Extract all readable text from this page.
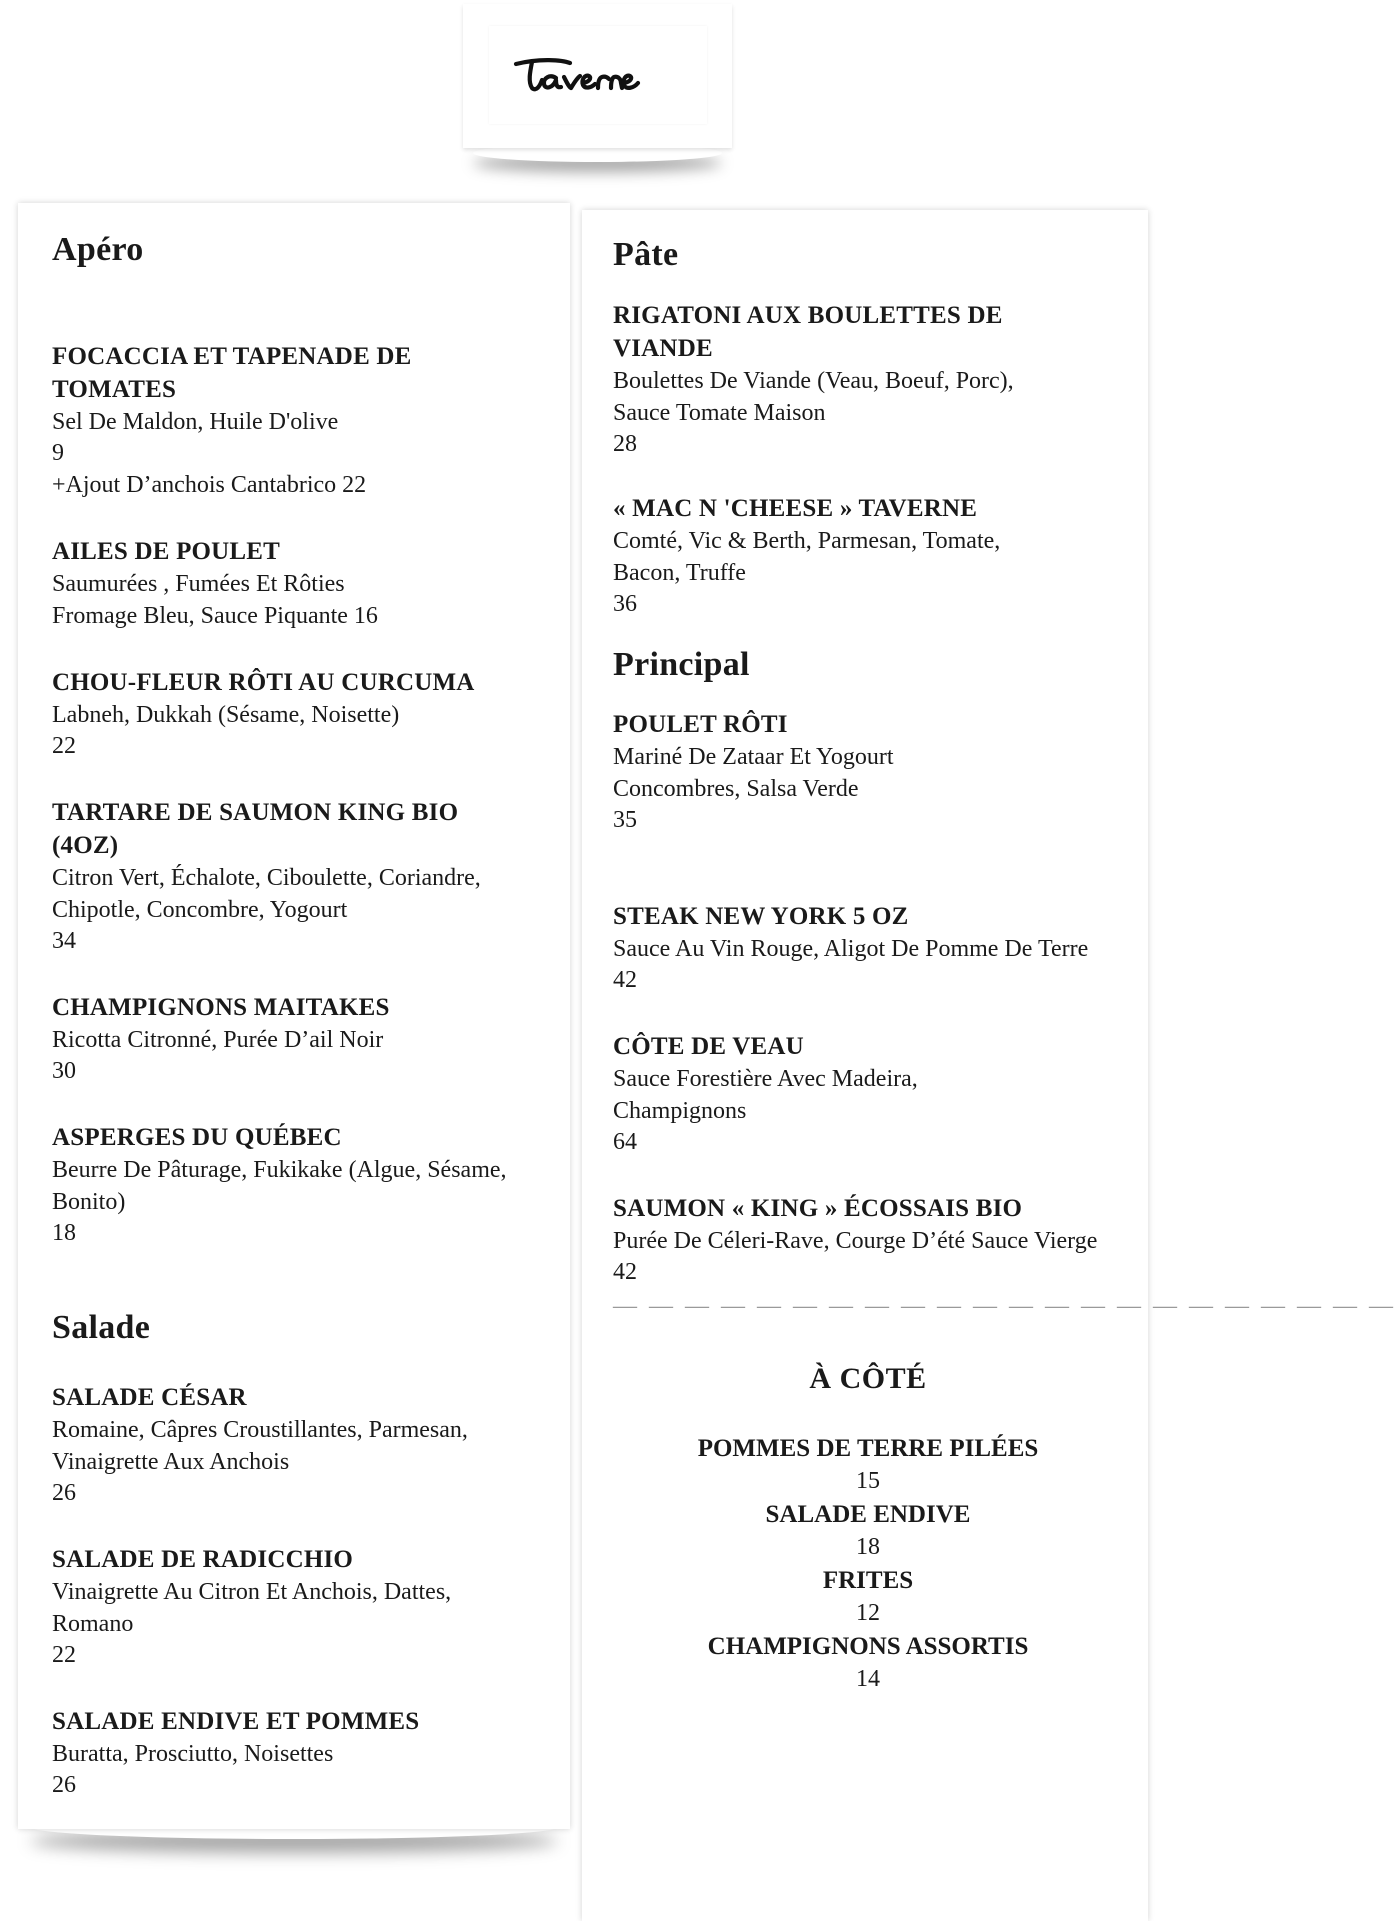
Apéro
FOCACCIA ET TAPENADE DE TOMATES
Sel De Maldon, Huile D'olive
9
+Ajout D’anchois Cantabrico 22
AILES DE POULET
Saumurées , Fumées Et Rôties
Fromage Bleu, Sauce Piquante 16
CHOU-FLEUR RÔTI AU CURCUMA
Labneh, Dukkah (Sésame, Noisette)
22
TARTARE DE SAUMON KING BIO (4OZ)
Citron Vert, Échalote, Ciboulette, Coriandre, Chipotle, Concombre, Yogourt
34
CHAMPIGNONS MAITAKES
Ricotta Citronné, Purée D’ail Noir
30
ASPERGES DU QUÉBEC
Beurre De Pâturage, Fukikake (Algue, Sésame, Bonito)
18
Salade
SALADE CÉSAR
Romaine, Câpres Croustillantes, Parmesan, Vinaigrette Aux Anchois
26
SALADE DE RADICCHIO
Vinaigrette Au Citron Et Anchois, Dattes, Romano
22
SALADE ENDIVE ET POMMES
Buratta, Prosciutto, Noisettes
26
Pâte
RIGATONI AUX BOULETTES DE VIANDE
Boulettes De Viande (Veau, Boeuf, Porc), Sauce Tomate Maison
28
« MAC N 'CHEESE » TAVERNE
Comté, Vic & Berth, Parmesan, Tomate, Bacon, Truffe
36
Principal
POULET RÔTI
Mariné De Zataar Et Yogourt Concombres, Salsa Verde
35
STEAK NEW YORK 5 OZ
Sauce Au Vin Rouge, Aligot De Pomme De Terre
42
CÔTE DE VEAU
Sauce Forestière Avec Madeira, Champignons
64
SAUMON « KING » ÉCOSSAIS BIO
Purée De Céleri-Rave, Courge D’été Sauce Vierge
42
— — — — — — — — — — — — — — — — — — — — — —
À CÔTÉ
POMMES DE TERRE PILÉES
15
SALADE ENDIVE
18
FRITES
12
CHAMPIGNONS ASSORTIS
14
